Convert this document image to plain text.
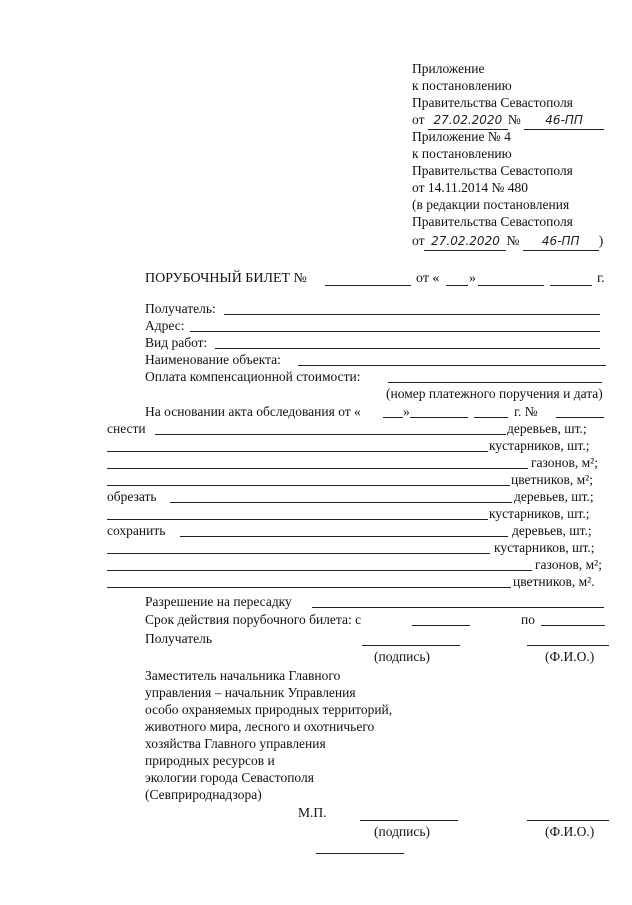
Приложение
к постановлению
Правительства Севастополя
от 27.02.2020 № 46-ПП
Приложение № 4
к постановлению
Правительства Севастополя
от 14.11.2014 № 480
(в редакции постановления
Правительства Севастополя
от 27.02.2020 № 46-ПП )
ПОРУБОЧНЫЙ БИЛЕТ №	от « »	г.
Получатель:
Адрес:
Вид работ:
Наименование объекта:
Оплата компенсационной стоимости:
(номер платежного поручения и дата)
На основании акта обследования от «	»	г. №
снести	деревьев, шт.;
кустарников, шт.;
газонов, м²;
цветников, м²;
обрезать	деревьев, шт.;
кустарников, шт.;
сохранить	деревьев, шт.;
кустарников, шт.;
газонов, м²;
цветников, м².
Разрешение на пересадку
Срок действия порубочного билета: с	по
Получатель
(подпись)	(Ф.И.О.)
Заместитель начальника Главного
управления – начальник Управления
особо охраняемых природных территорий,
животного мира, лесного и охотничьего
хозяйства Главного управления
природных ресурсов и
экологии города Севастополя
(Севприроднадзора)
М.П.
(подпись)	(Ф.И.О.)
